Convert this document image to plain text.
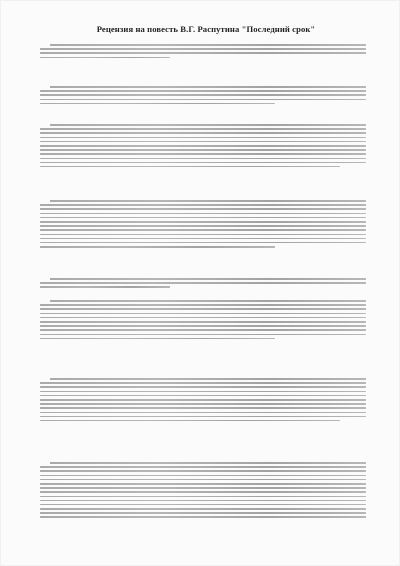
Рецензия на повесть В.Г. Распутина "Последний срок"
